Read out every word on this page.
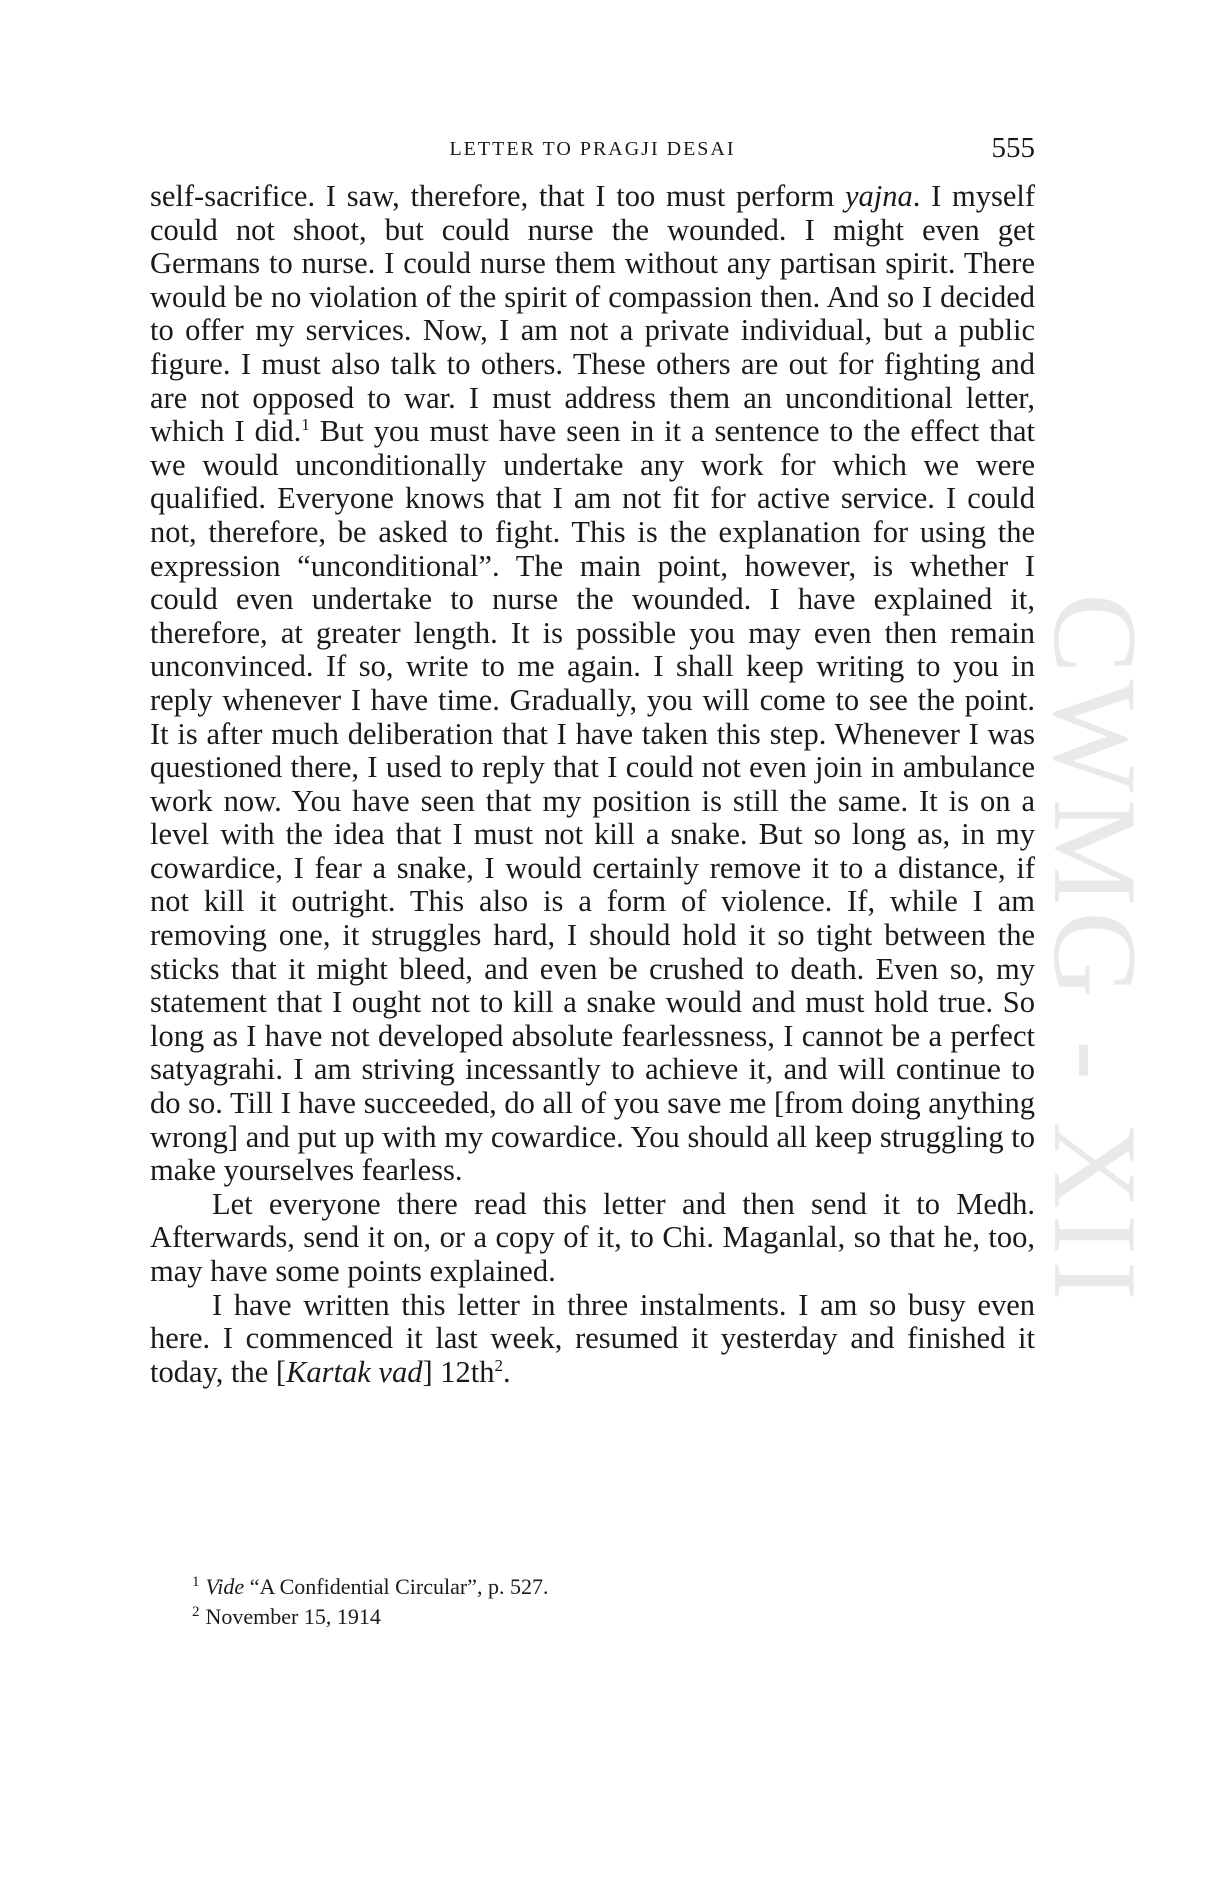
LETTER TO PRAGJI DESAI	555

self-sacrifice. I saw, therefore, that I too must perform yajna. I myself could not shoot, but could nurse the wounded. I might even get Germans to nurse. I could nurse them without any partisan spirit. There would be no violation of the spirit of compassion then. And so I decided to offer my services. Now, I am not a private individual, but a public figure. I must also talk to others. These others are out for fighting and are not opposed to war. I must address them an unconditional letter, which I did.$^1$ But you must have seen in it a sentence to the effect that we would unconditionally undertake any work for which we were qualified. Everyone knows that I am not fit for active service. I could not, therefore, be asked to fight. This is the explanation for using the expression “unconditional”. The main point, however, is whether I could even undertake to nurse the wounded. I have explained it, therefore, at greater length. It is possible you may even then remain unconvinced. If so, write to me again. I shall keep writing to you in reply whenever I have time. Gradually, you will come to see the point. It is after much deliberation that I have taken this step. Whenever I was questioned there, I used to reply that I could not even join in ambulance work now. You have seen that my position is still the same. It is on a level with the idea that I must not kill a snake. But so long as, in my cowardice, I fear a snake, I would certainly remove it to a distance, if not kill it outright. This also is a form of violence. If, while I am removing one, it struggles hard, I should hold it so tight between the sticks that it might bleed, and even be crushed to death. Even so, my statement that I ought not to kill a snake would and must hold true. So long as I have not developed absolute fearlessness, I cannot be a perfect satyagrahi. I am striving incessantly to achieve it, and will continue to do so. Till I have succeeded, do all of you save me [from doing anything wrong] and put up with my cowardice. You should all keep struggling to make yourselves fearless.

Let everyone there read this letter and then send it to Medh. Afterwards, send it on, or a copy of it, to Chi. Maganlal, so that he, too, may have some points explained.

I have written this letter in three instalments. I am so busy even here. I commenced it last week, resumed it yesterday and finished it today, the [Kartak vad] 12th$^2$.

$^1$ Vide “A Confidential Circular”, p. 527.

$^2$ November 15, 1914

CWMG - XII
